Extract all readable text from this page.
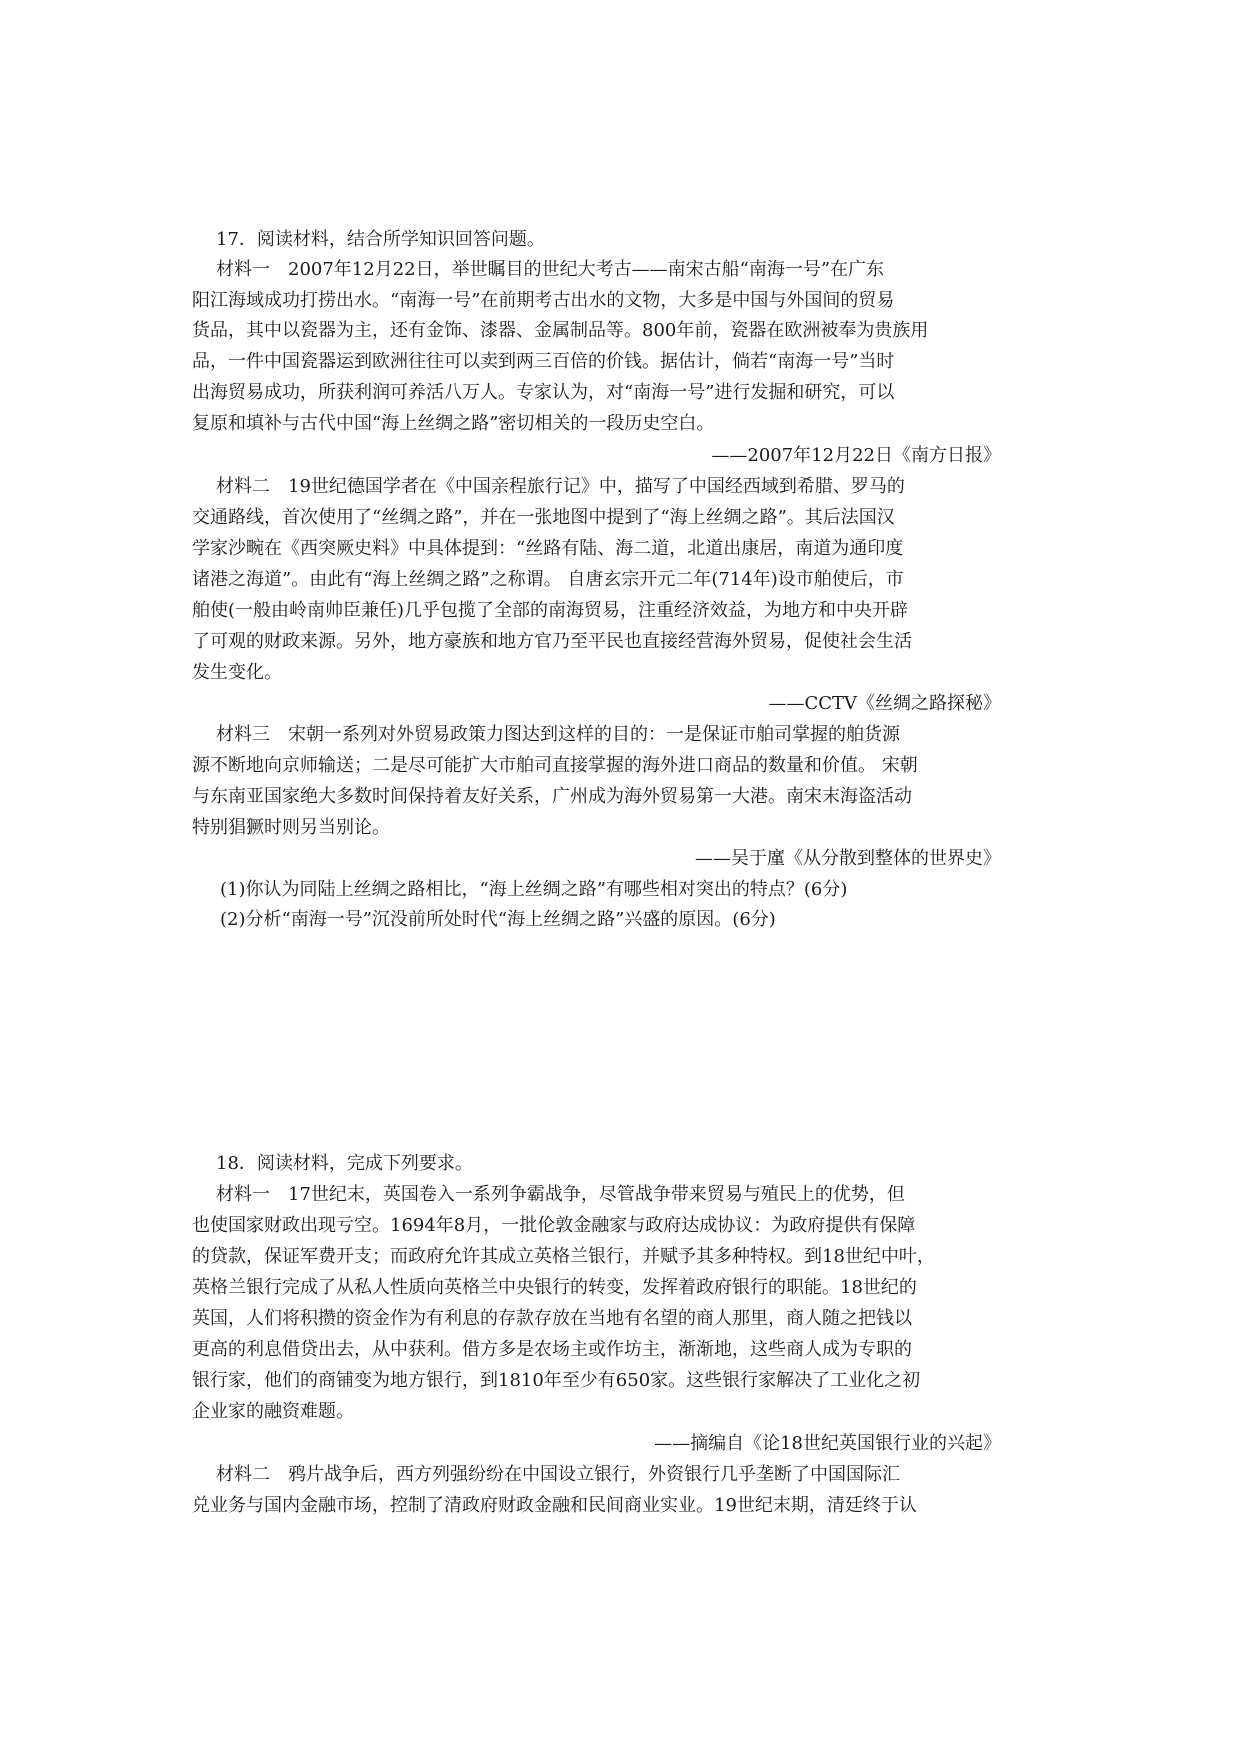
17．阅读材料，结合所学知识回答问题。
材料一　2007年12月22日，举世瞩目的世纪大考古——南宋古船“南海一号”在广东
阳江海域成功打捞出水。“南海一号”在前期考古出水的文物，大多是中国与外国间的贸易
货品，其中以瓷器为主，还有金饰、漆器、金属制品等。800年前，瓷器在欧洲被奉为贵族用
品，一件中国瓷器运到欧洲往往可以卖到两三百倍的价钱。据估计，倘若“南海一号”当时
出海贸易成功，所获利润可养活八万人。专家认为，对“南海一号”进行发掘和研究，可以
复原和填补与古代中国“海上丝绸之路”密切相关的一段历史空白。
——2007年12月22日《南方日报》
材料二　19世纪德国学者在《中国亲程旅行记》中，描写了中国经西域到希腊、罗马的
交通路线，首次使用了“丝绸之路”，并在一张地图中提到了“海上丝绸之路”。其后法国汉
学家沙畹在《西突厥史料》中具体提到：“丝路有陆、海二道，北道出康居，南道为通印度
诸港之海道”。由此有“海上丝绸之路”之称谓。 自唐玄宗开元二年(714年)设市舶使后，市
舶使(一般由岭南帅臣兼任)几乎包揽了全部的南海贸易，注重经济效益，为地方和中央开辟
了可观的财政来源。另外，地方豪族和地方官乃至平民也直接经营海外贸易，促使社会生活
发生变化。
——CCTV《丝绸之路探秘》
材料三　宋朝一系列对外贸易政策力图达到这样的目的：一是保证市舶司掌握的舶货源
源不断地向京师输送；二是尽可能扩大市舶司直接掌握的海外进口商品的数量和价值。 宋朝
与东南亚国家绝大多数时间保持着友好关系，广州成为海外贸易第一大港。南宋末海盗活动
特别猖獗时则另当别论。
——吴于廑《从分散到整体的世界史》
(1)你认为同陆上丝绸之路相比，“海上丝绸之路”有哪些相对突出的特点？(6分)
(2)分析“南海一号”沉没前所处时代“海上丝绸之路”兴盛的原因。(6分)
18．阅读材料，完成下列要求。
材料一　17世纪末，英国卷入一系列争霸战争，尽管战争带来贸易与殖民上的优势，但
也使国家财政出现亏空。1694年8月，一批伦敦金融家与政府达成协议：为政府提供有保障
的贷款，保证军费开支；而政府允许其成立英格兰银行，并赋予其多种特权。到18世纪中叶，
英格兰银行完成了从私人性质向英格兰中央银行的转变，发挥着政府银行的职能。18世纪的
英国，人们将积攒的资金作为有利息的存款存放在当地有名望的商人那里，商人随之把钱以
更高的利息借贷出去，从中获利。借方多是农场主或作坊主，渐渐地，这些商人成为专职的
银行家，他们的商铺变为地方银行，到1810年至少有650家。这些银行家解决了工业化之初
企业家的融资难题。
——摘编自《论18世纪英国银行业的兴起》
材料二　鸦片战争后，西方列强纷纷在中国设立银行，外资银行几乎垄断了中国国际汇
兑业务与国内金融市场，控制了清政府财政金融和民间商业实业。19世纪末期，清廷终于认
